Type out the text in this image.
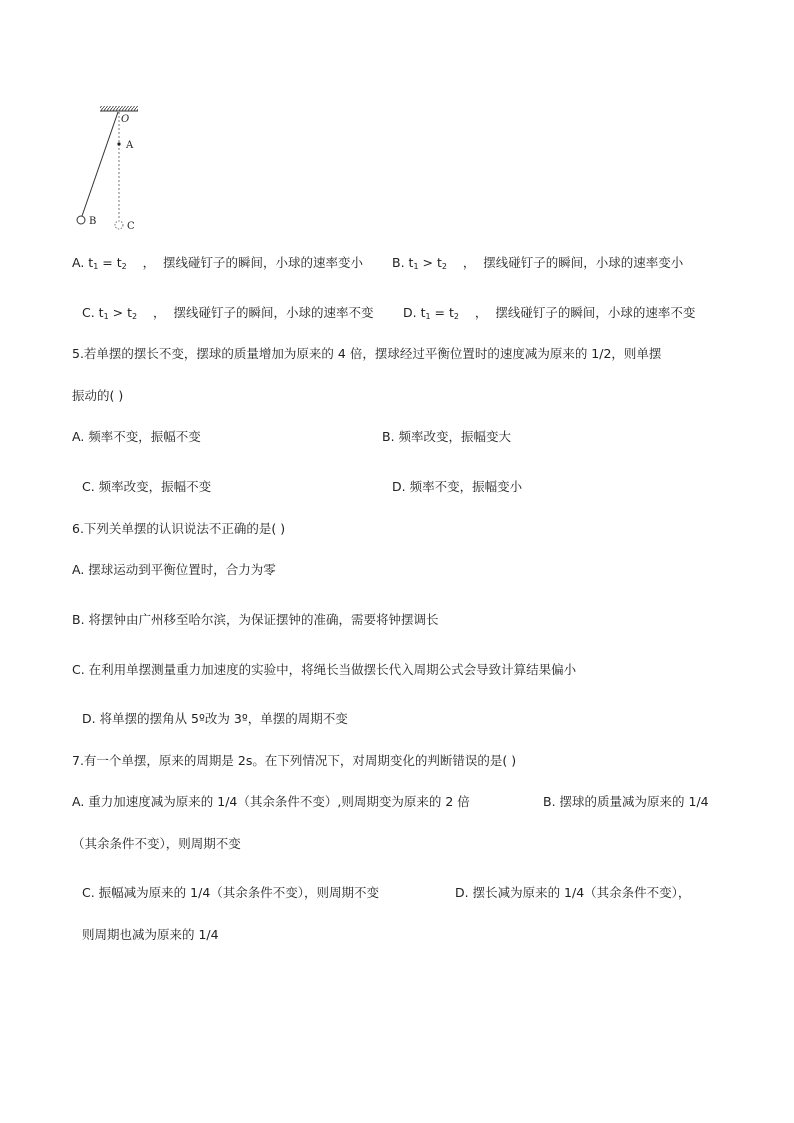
O
A
B	C
A. $t_1 = t_2$    ，  摆线碰钉子的瞬间，小球的速率变小 B. $t_1 > t_2$    ，  摆线碰钉子的瞬间，小球的速率变小
C. $t_1 > t_2$    ，  摆线碰钉子的瞬间，小球的速率不变 D. $t_1 = t_2$    ，  摆线碰钉子的瞬间，小球的速率不变
5.若单摆的摆长不变，摆球的质量增加为原来的 4 倍，摆球经过平衡位置时的速度减为原来的 1/2，则单摆
振动的( )
A. 频率不变，振幅不变	B. 频率改变，振幅变大
C. 频率改变，振幅不变	D. 频率不变，振幅变小
6.下列关单摆的认识说法不正确的是( )
A. 摆球运动到平衡位置时，合力为零
B. 将摆钟由广州移至哈尔滨，为保证摆钟的准确，需要将钟摆调长
C. 在利用单摆测量重力加速度的实验中，将绳长当做摆长代入周期公式会导致计算结果偏小
D. 将单摆的摆角从 5º改为 3º，单摆的周期不变
7.有一个单摆，原来的周期是 2s。在下列情况下，对周期变化的判断错误的是( )
A. 重力加速度减为原来的 1/4（其余条件不变）,则周期变为原来的 2 倍	B. 摆球的质量减为原来的 1/4
（其余条件不变），则周期不变
C. 振幅减为原来的 1/4（其余条件不变），则周期不变	D. 摆长减为原来的 1/4（其余条件不变），
则周期也减为原来的 1/4
